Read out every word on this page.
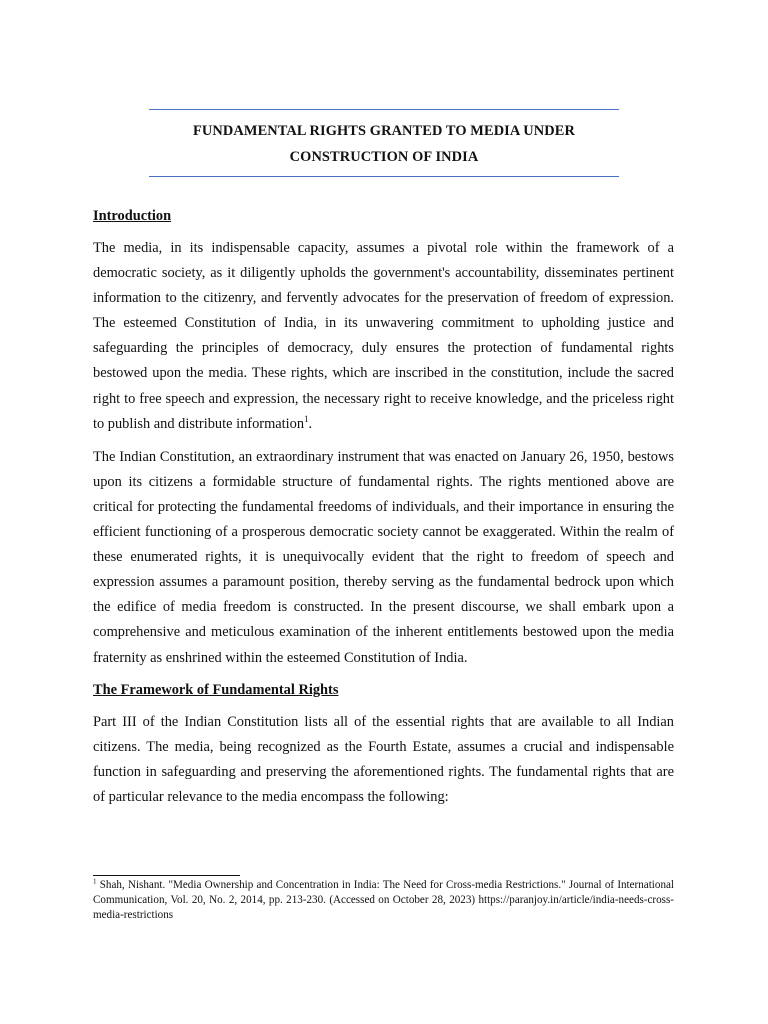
FUNDAMENTAL RIGHTS GRANTED TO MEDIA UNDER
CONSTRUCTION OF INDIA
Introduction

The media, in its indispensable capacity, assumes a pivotal role within the framework of a democratic society, as it diligently upholds the government's accountability, disseminates pertinent information to the citizenry, and fervently advocates for the preservation of freedom of expression. The esteemed Constitution of India, in its unwavering commitment to upholding justice and safeguarding the principles of democracy, duly ensures the protection of fundamental rights bestowed upon the media. These rights, which are inscribed in the constitution, include the sacred right to free speech and expression, the necessary right to receive knowledge, and the priceless right to publish and distribute information$^1$.

The Indian Constitution, an extraordinary instrument that was enacted on January 26, 1950, bestows upon its citizens a formidable structure of fundamental rights. The rights mentioned above are critical for protecting the fundamental freedoms of individuals, and their importance in ensuring the efficient functioning of a prosperous democratic society cannot be exaggerated. Within the realm of these enumerated rights, it is unequivocally evident that the right to freedom of speech and expression assumes a paramount position, thereby serving as the fundamental bedrock upon which the edifice of media freedom is constructed. In the present discourse, we shall embark upon a comprehensive and meticulous examination of the inherent entitlements bestowed upon the media fraternity as enshrined within the esteemed Constitution of India.

The Framework of Fundamental Rights

Part III of the Indian Constitution lists all of the essential rights that are available to all Indian citizens. The media, being recognized as the Fourth Estate, assumes a crucial and indispensable function in safeguarding and preserving the aforementioned rights. The fundamental rights that are of particular relevance to the media encompass the following:

$^1$ Shah, Nishant. "Media Ownership and Concentration in India: The Need for Cross-media Restrictions." Journal of International Communication, Vol. 20, No. 2, 2014, pp. 213-230. (Accessed on October 28, 2023) https://paranjoy.in/article/india-needs-cross-media-restrictions
